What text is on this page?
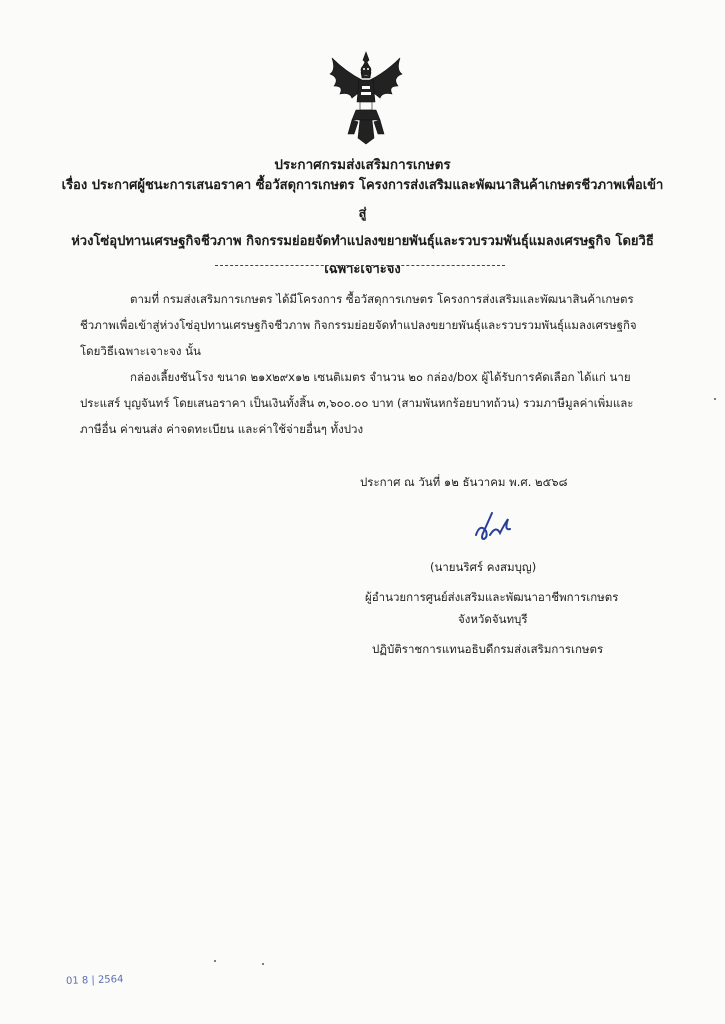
ประกาศกรมส่งเสริมการเกษตร
เรื่อง ประกาศผู้ชนะการเสนอราคา ซื้อวัสดุการเกษตร โครงการส่งเสริมและพัฒนาสินค้าเกษตรชีวภาพเพื่อเข้าสู่
ห่วงโซ่อุปทานเศรษฐกิจชีวภาพ กิจกรรมย่อยจัดทำแปลงขยายพันธุ์และรวบรวมพันธุ์แมลงเศรษฐกิจ โดยวิธี
เฉพาะเจาะจง
ตามที่ กรมส่งเสริมการเกษตร ได้มีโครงการ ซื้อวัสดุการเกษตร โครงการส่งเสริมและพัฒนาสินค้าเกษตร
ชีวภาพเพื่อเข้าสู่ห่วงโซ่อุปทานเศรษฐกิจชีวภาพ กิจกรรมย่อยจัดทำแปลงขยายพันธุ์และรวบรวมพันธุ์แมลงเศรษฐกิจ
โดยวิธีเฉพาะเจาะจง นั้น
กล่องเลี้ยงชันโรง ขนาด ๒๑x๒๙x๑๒ เซนติเมตร จำนวน ๒๐ กล่อง/box ผู้ได้รับการคัดเลือก ได้แก่ นาย
ประแสร์ บุญจันทร์ โดยเสนอราคา เป็นเงินทั้งสิ้น ๓,๖๐๐.๐๐ บาท (สามพันหกร้อยบาทถ้วน) รวมภาษีมูลค่าเพิ่มและ
ภาษีอื่น ค่าขนส่ง ค่าจดทะเบียน และค่าใช้จ่ายอื่นๆ ทั้งปวง
ประกาศ ณ วันที่ ๑๒ ธันวาคม พ.ศ. ๒๕๖๘
(นายนริศร์ คงสมบุญ)
ผู้อำนวยการศูนย์ส่งเสริมและพัฒนาอาชีพการเกษตร
จังหวัดจันทบุรี
ปฏิบัติราชการแทนอธิบดีกรมส่งเสริมการเกษตร
01 8 | 2564
